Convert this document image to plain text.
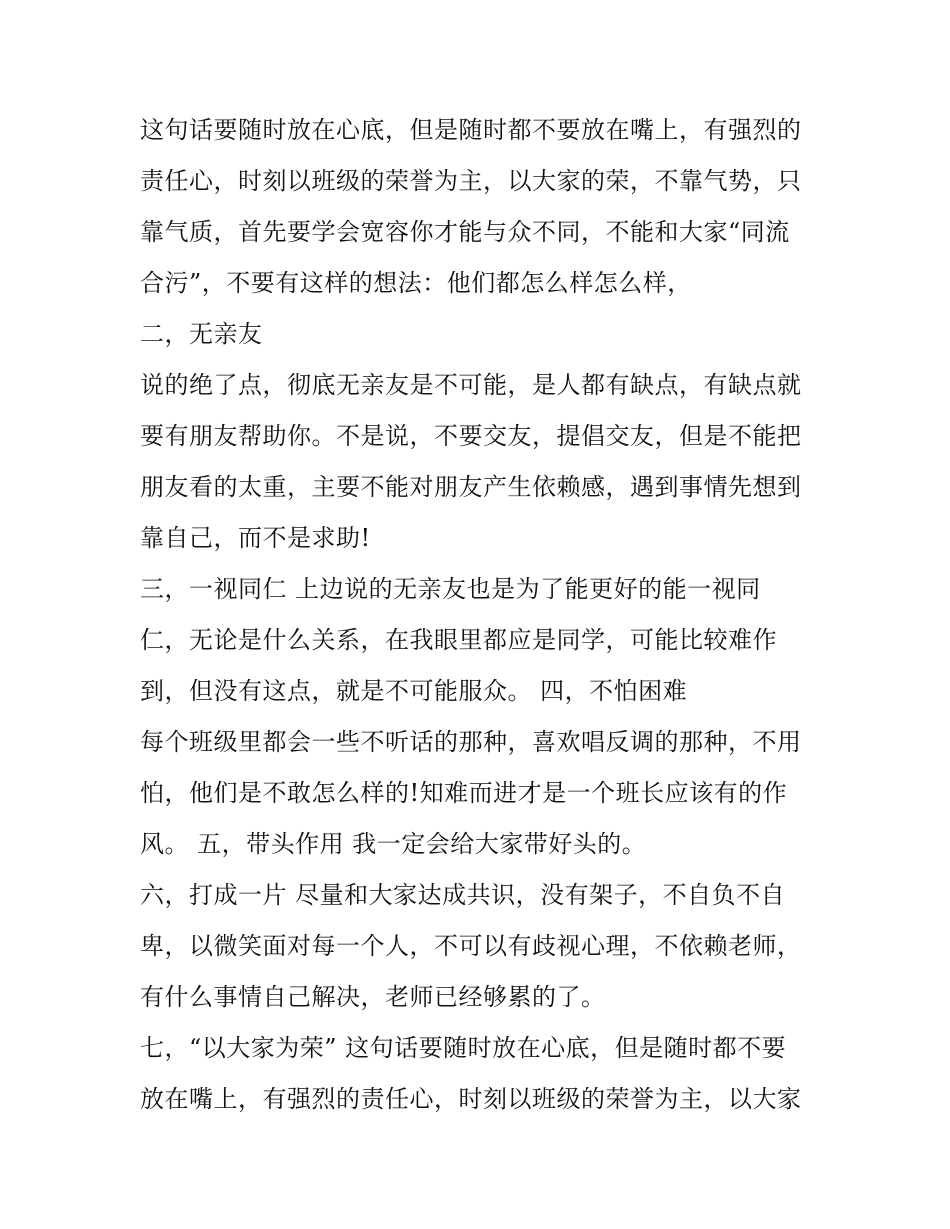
这句话要随时放在心底，但是随时都不要放在嘴上，有强烈的
责任心，时刻以班级的荣誉为主，以大家的荣，不靠气势，只
靠气质，首先要学会宽容你才能与众不同，不能和大家“同流
合污”，不要有这样的想法：他们都怎么样怎么样，
二，无亲友
说的绝了点，彻底无亲友是不可能，是人都有缺点，有缺点就
要有朋友帮助你。不是说，不要交友，提倡交友，但是不能把
朋友看的太重，主要不能对朋友产生依赖感，遇到事情先想到
靠自己，而不是求助!
三，一视同仁 上边说的无亲友也是为了能更好的能一视同
仁，无论是什么关系，在我眼里都应是同学，可能比较难作
到，但没有这点，就是不可能服众。 四，不怕困难
每个班级里都会一些不听话的那种，喜欢唱反调的那种，不用
怕，他们是不敢怎么样的!知难而进才是一个班长应该有的作
风。 五，带头作用 我一定会给大家带好头的。
六，打成一片 尽量和大家达成共识，没有架子，不自负不自
卑，以微笑面对每一个人，不可以有歧视心理，不依赖老师，
有什么事情自己解决，老师已经够累的了。
七，“以大家为荣” 这句话要随时放在心底，但是随时都不要
放在嘴上，有强烈的责任心，时刻以班级的荣誉为主，以大家
